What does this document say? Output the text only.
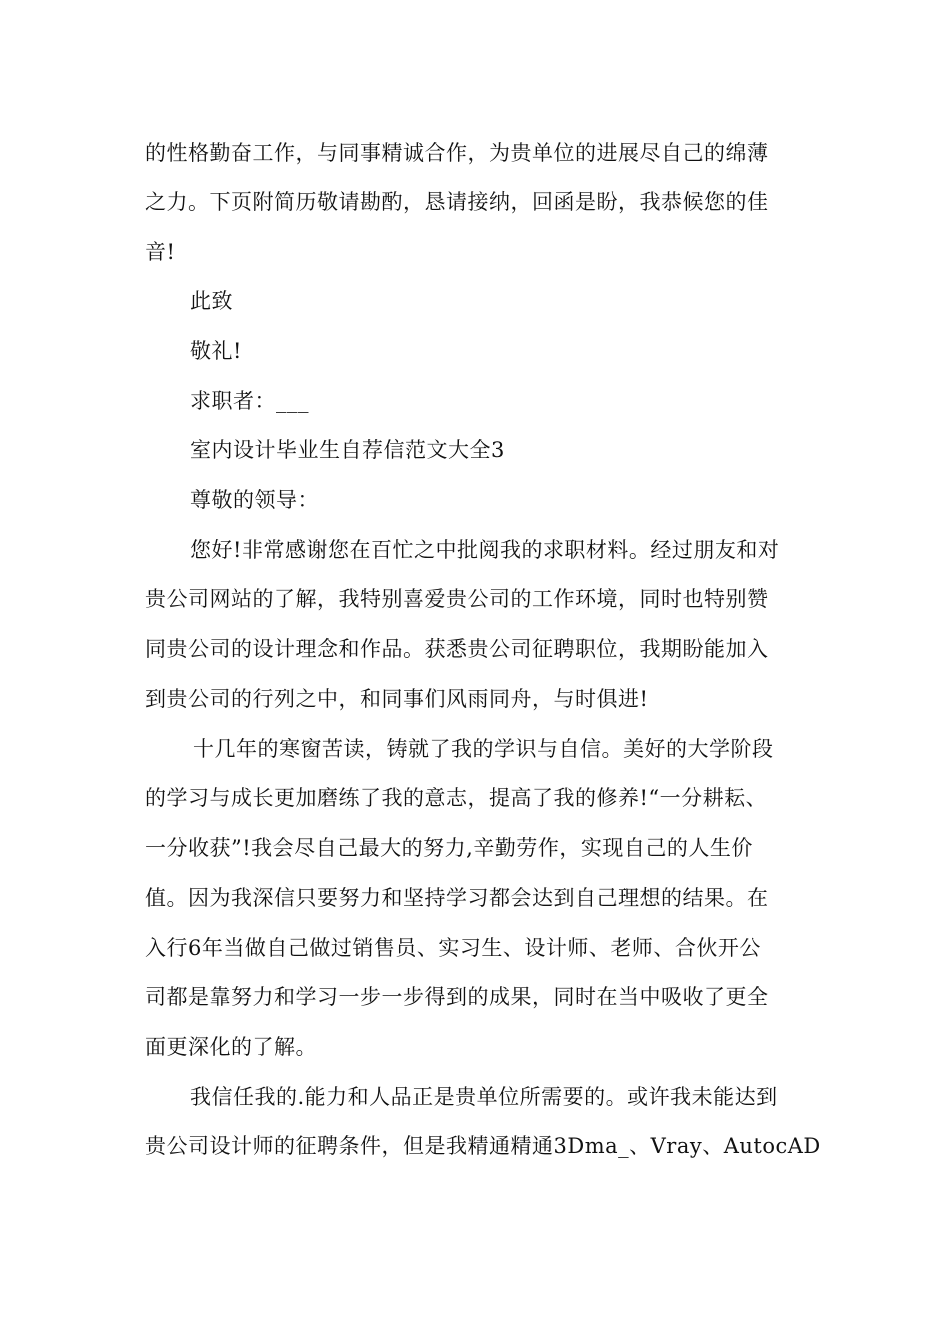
的性格勤奋工作，与同事精诚合作，为贵单位的进展尽自己的绵薄
之力。下页附简历敬请勘酌，恳请接纳，回函是盼，我恭候您的佳
音!
此致
敬礼!
求职者：___
室内设计毕业生自荐信范文大全3
尊敬的领导：
您好!非常感谢您在百忙之中批阅我的求职材料。经过朋友和对
贵公司网站的了解，我特别喜爱贵公司的工作环境，同时也特别赞
同贵公司的设计理念和作品。获悉贵公司征聘职位，我期盼能加入
到贵公司的行列之中，和同事们风雨同舟，与时俱进!
十几年的寒窗苦读，铸就了我的学识与自信。美好的大学阶段
的学习与成长更加磨练了我的意志，提高了我的修养!“一分耕耘、
一分收获”!我会尽自己最大的努力,辛勤劳作，实现自己的人生价
值。因为我深信只要努力和坚持学习都会达到自己理想的结果。在
入行6年当做自己做过销售员、实习生、设计师、老师、合伙开公
司都是靠努力和学习一步一步得到的成果，同时在当中吸收了更全
面更深化的了解。
我信任我的.能力和人品正是贵单位所需要的。或许我未能达到
贵公司设计师的征聘条件，但是我精通精通3Dma_、Vray、AutocAD
